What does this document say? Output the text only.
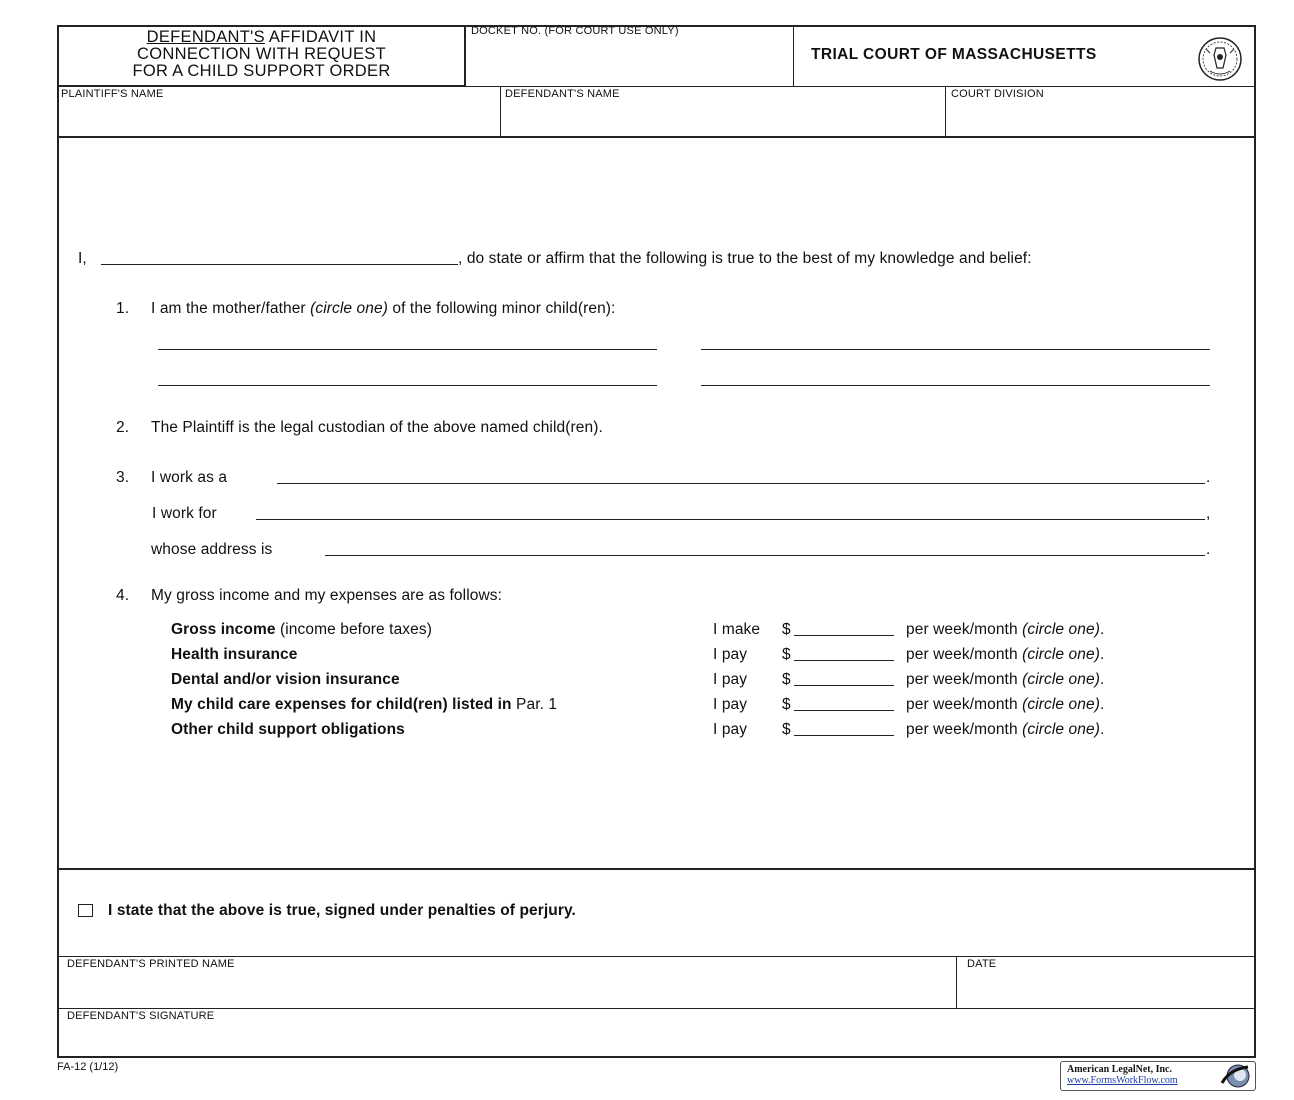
DEFENDANT'S AFFIDAVIT IN
CONNECTION WITH REQUEST
FOR A CHILD SUPPORT ORDER
DOCKET NO. (FOR COURT USE ONLY)
TRIAL COURT OF MASSACHUSETTS
PLAINTIFF'S NAME	DEFENDANT'S NAME	COURT DIVISION
I,	, do state or affirm that the following is true to the best of my knowledge and belief:
1. I am the mother/father (circle one) of the following minor child(ren):
2. The Plaintiff is the legal custodian of the above named child(ren).
3. I work as a	.
I work for	,
whose address is	.
4. My gross income and my expenses are as follows:
Gross income (income before taxes)	I make $	per week/month (circle one).
Health insurance	I pay $	per week/month (circle one).
Dental and/or vision insurance	I pay $	per week/month (circle one).
My child care expenses for child(ren) listed in Par. 1	I pay $	per week/month (circle one).
Other child support obligations	I pay $	per week/month (circle one).
I state that the above is true, signed under penalties of perjury.
DEFENDANT'S PRINTED NAME	DATE
DEFENDANT'S SIGNATURE
FA-12 (1/12)	American LegalNet, Inc.
www.FormsWorkFlow.com
